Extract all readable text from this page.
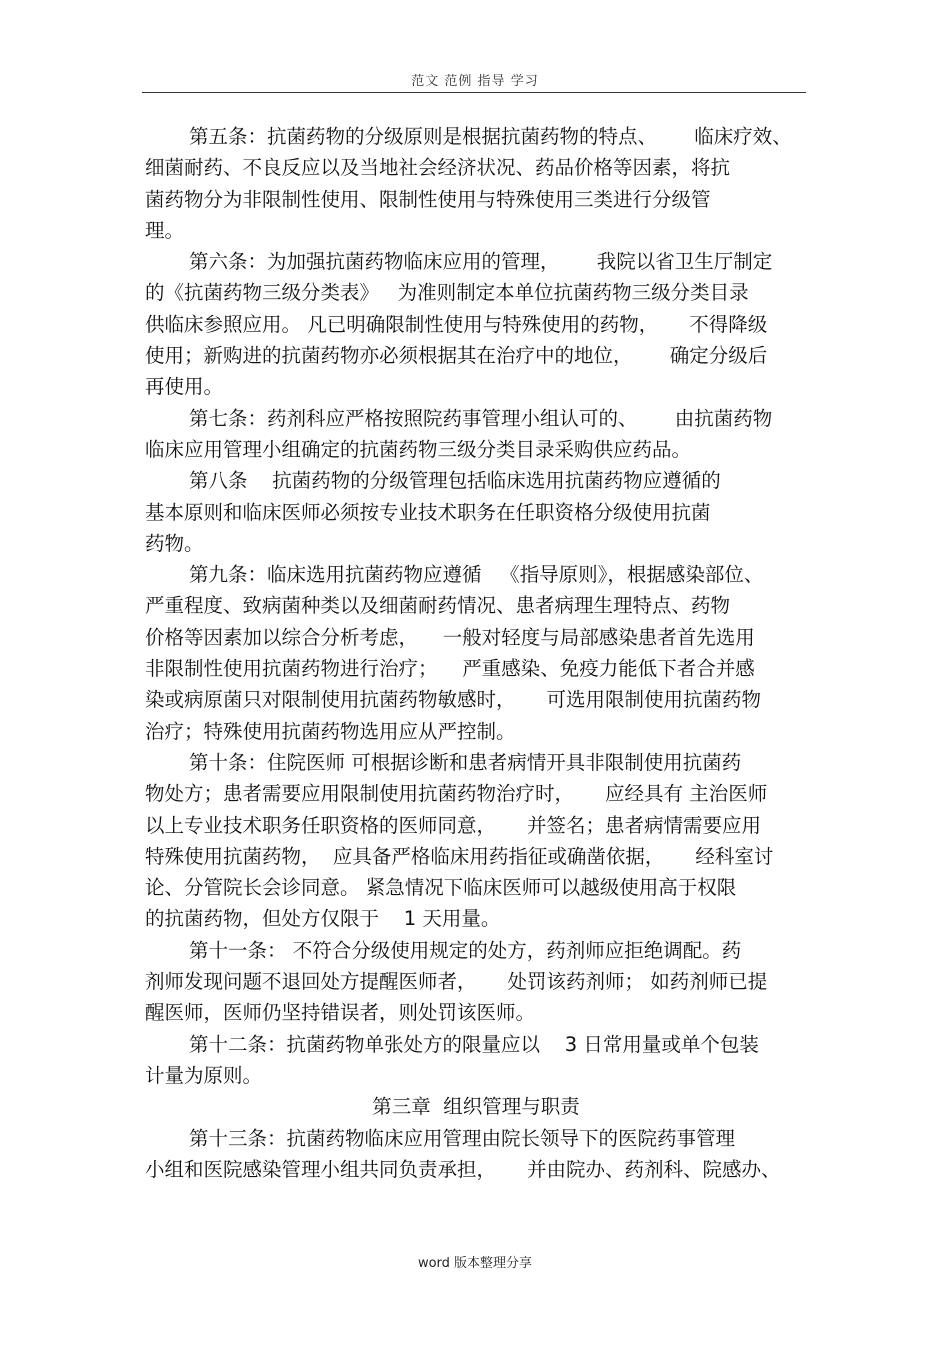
范文 范例 指导 学习
第五条：抗菌药物的分级原则是根据抗菌药物的特点、      临床疗效、
细菌耐药、不良反应以及当地社会经济状况、药品价格等因素，将抗
菌药物分为非限制性使用、限制性使用与特殊使用三类进行分级管
理。
第六条：为加强抗菌药物临床应用的管理，      我院以省卫生厅制定
的《抗菌药物三级分类表》   为准则制定本单位抗菌药物三级分类目录
供临床参照应用。 凡已明确限制性使用与特殊使用的药物，     不得降级
使用；新购进的抗菌药物亦必须根据其在治疗中的地位，      确定分级后
再使用。
第七条：药剂科应严格按照院药事管理小组认可的、      由抗菌药物
临床应用管理小组确定的抗菌药物三级分类目录采购供应药品。
第八条    抗菌药物的分级管理包括临床选用抗菌药物应遵循的
基本原则和临床医师必须按专业技术职务在任职资格分级使用抗菌
药物。
第九条：临床选用抗菌药物应遵循   《指导原则》，根据感染部位、
严重程度、致病菌种类以及细菌耐药情况、患者病理生理特点、药物
价格等因素加以综合分析考虑，    一般对轻度与局部感染患者首先选用
非限制性使用抗菌药物进行治疗；    严重感染、免疫力能低下者合并感
染或病原菌只对限制使用抗菌药物敏感时，     可选用限制使用抗菌药物
治疗；特殊使用抗菌药物选用应从严控制。
第十条：住院医师 可根据诊断和患者病情开具非限制使用抗菌药
物处方；患者需要应用限制使用抗菌药物治疗时，     应经具有 主治医师
以上专业技术职务任职资格的医师同意，     并签名；患者病情需要应用
特殊使用抗菌药物，  应具备严格临床用药指征或确凿依据，     经科室讨
论、分管院长会诊同意。 紧急情况下临床医师可以越级使用高于权限
的抗菌药物，但处方仅限于    1 天用量。
第十一条： 不符合分级使用规定的处方，药剂师应拒绝调配。药
剂师发现问题不退回处方提醒医师者，     处罚该药剂师； 如药剂师已提
醒医师，医师仍坚持错误者，则处罚该医师。
第十二条：抗菌药物单张处方的限量应以    3 日常用量或单个包装
计量为原则。
第三章  组织管理与职责
第十三条：抗菌药物临床应用管理由院长领导下的医院药事管理
小组和医院感染管理小组共同负责承担，     并由院办、药剂科、院感办、
word 版本整理分享
